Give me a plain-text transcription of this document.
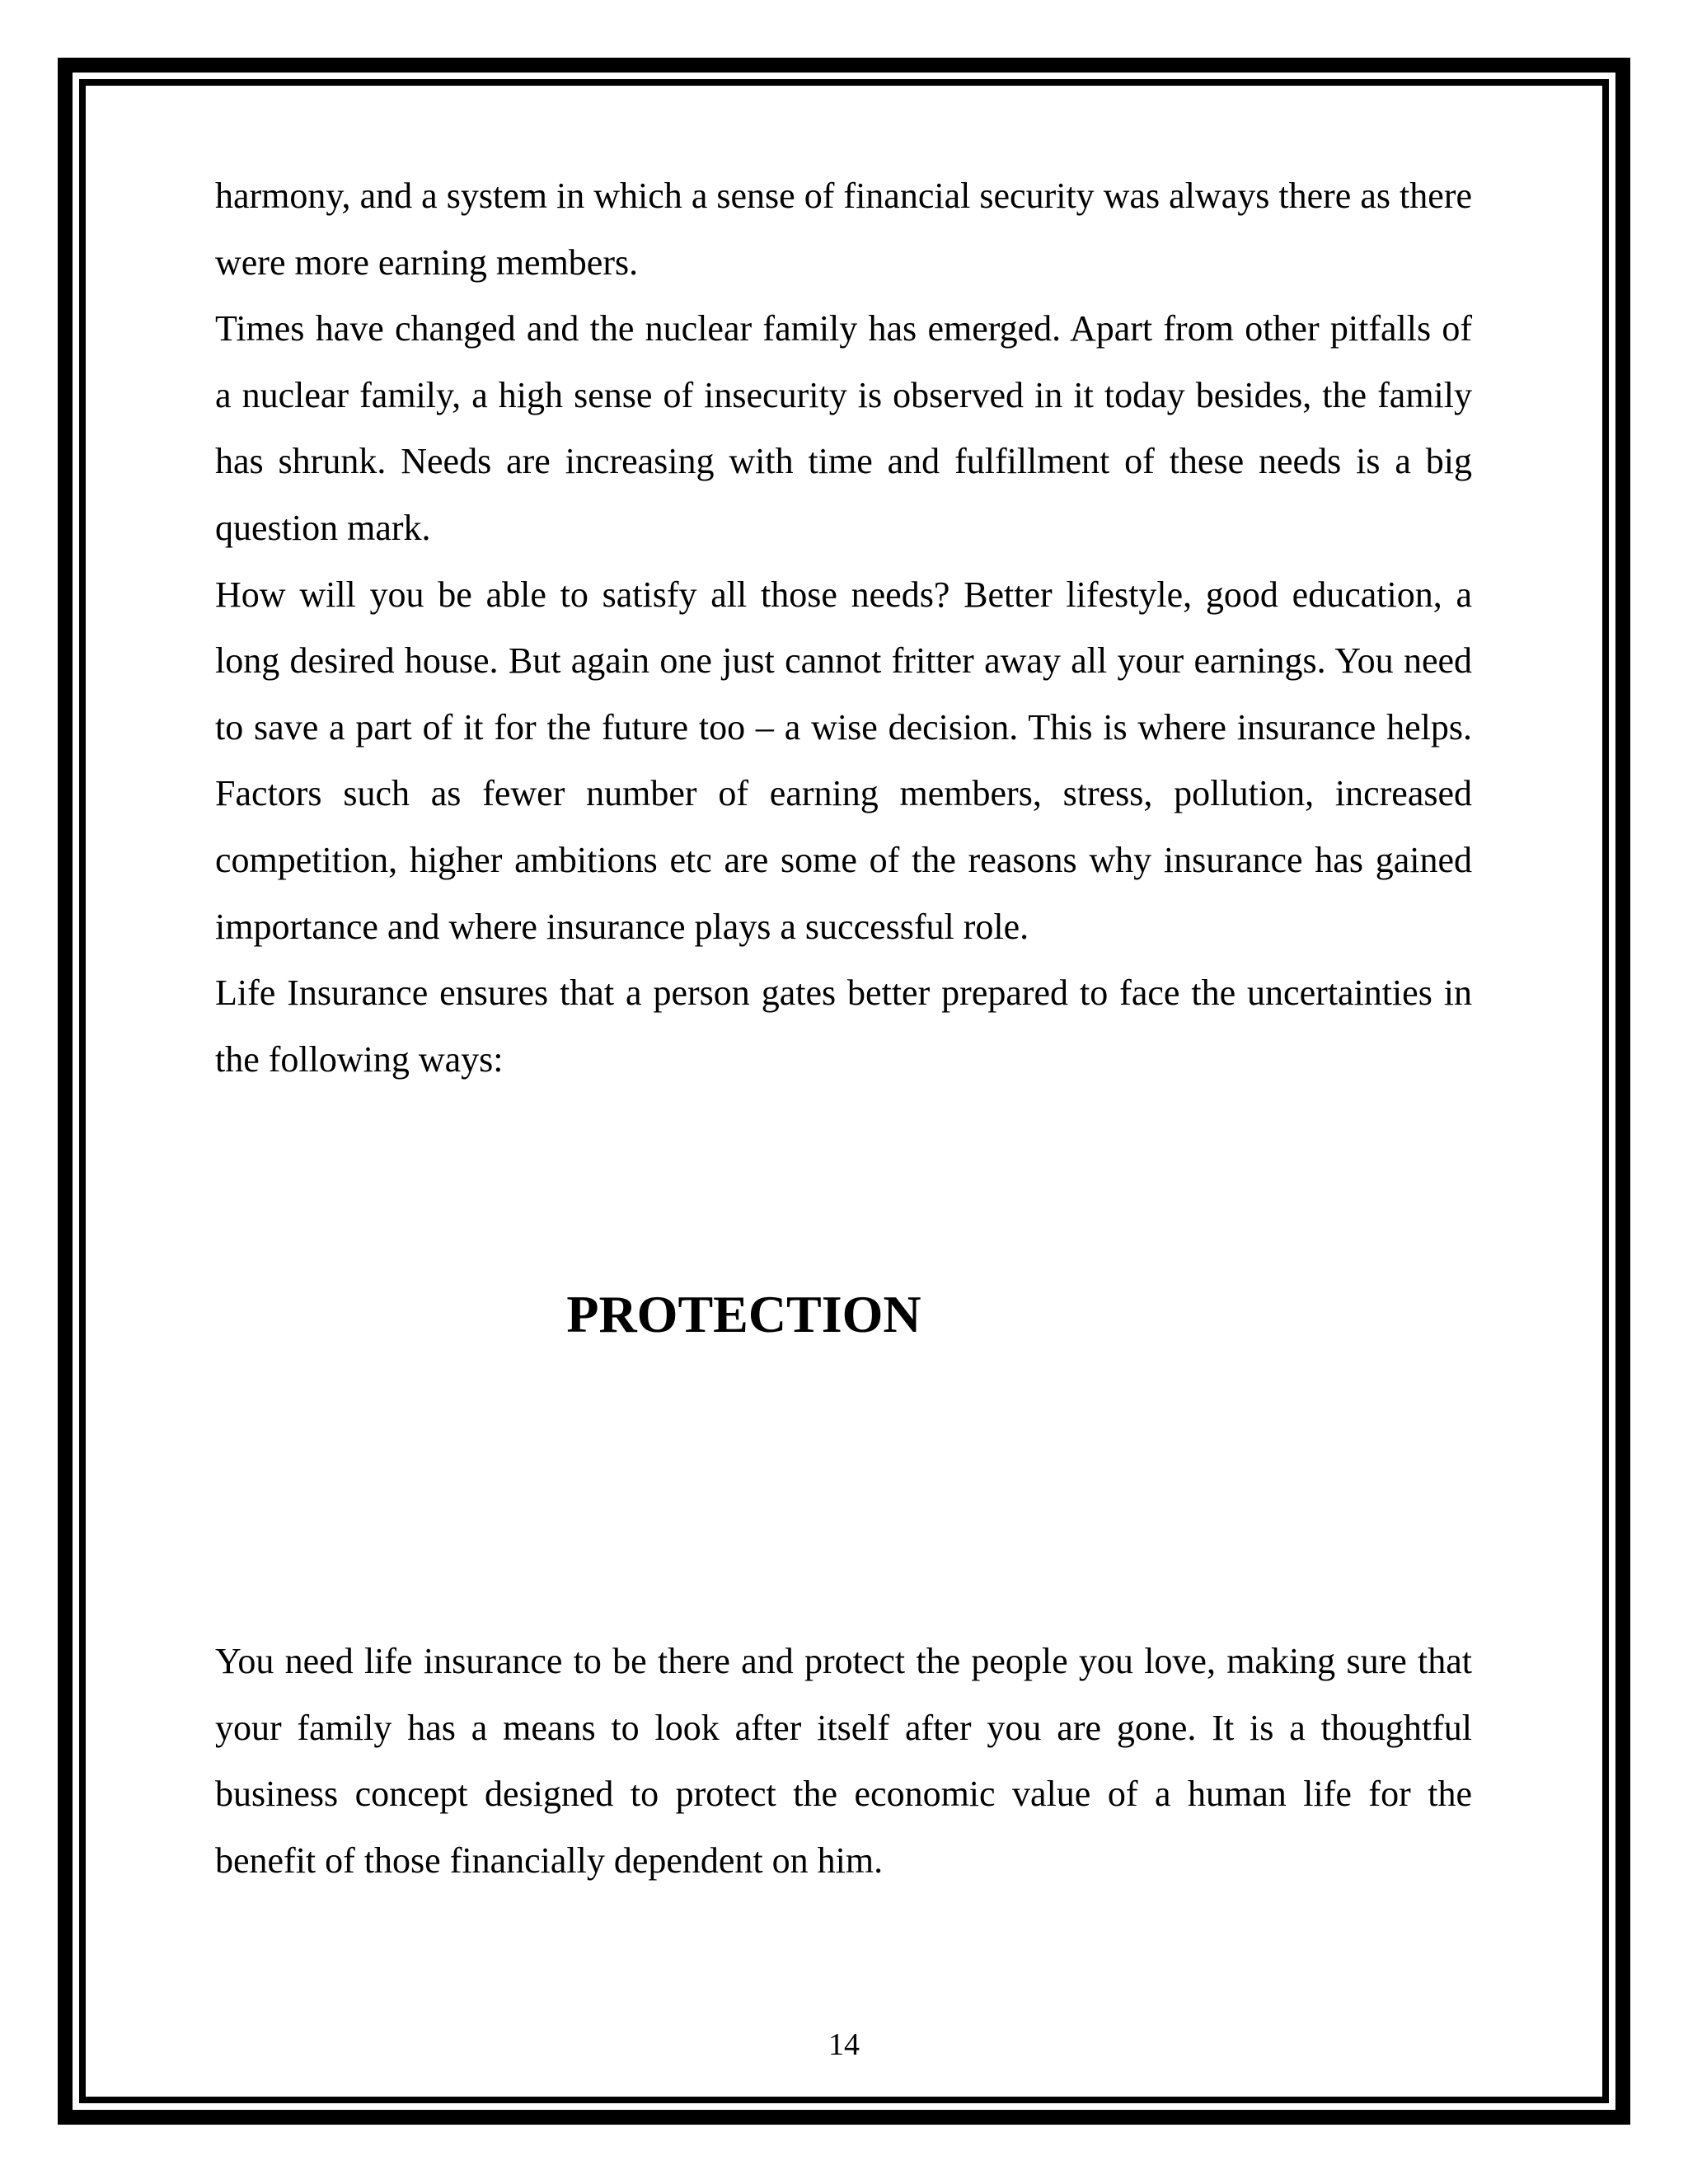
harmony, and a system in which a sense of financial security was always there as there were more earning members.

Times have changed and the nuclear family has emerged. Apart from other pitfalls of a nuclear family, a high sense of insecurity is observed in it today besides, the family has shrunk. Needs are increasing with time and fulfillment of these needs is a big question mark.

How will you be able to satisfy all those needs? Better lifestyle, good education, a long desired house. But again one just cannot fritter away all your earnings. You need to save a part of it for the future too – a wise decision. This is where insurance helps. Factors such as fewer number of earning members, stress, pollution, increased competition, higher ambitions etc are some of the reasons why insurance has gained importance and where insurance plays a successful role.

Life Insurance ensures that a person gates better prepared to face the uncertainties in the following ways:

PROTECTION

You need life insurance to be there and protect the people you love, making sure that your family has a means to look after itself after you are gone. It is a thoughtful business concept designed to protect the economic value of a human life for the benefit of those financially dependent on him.

14
